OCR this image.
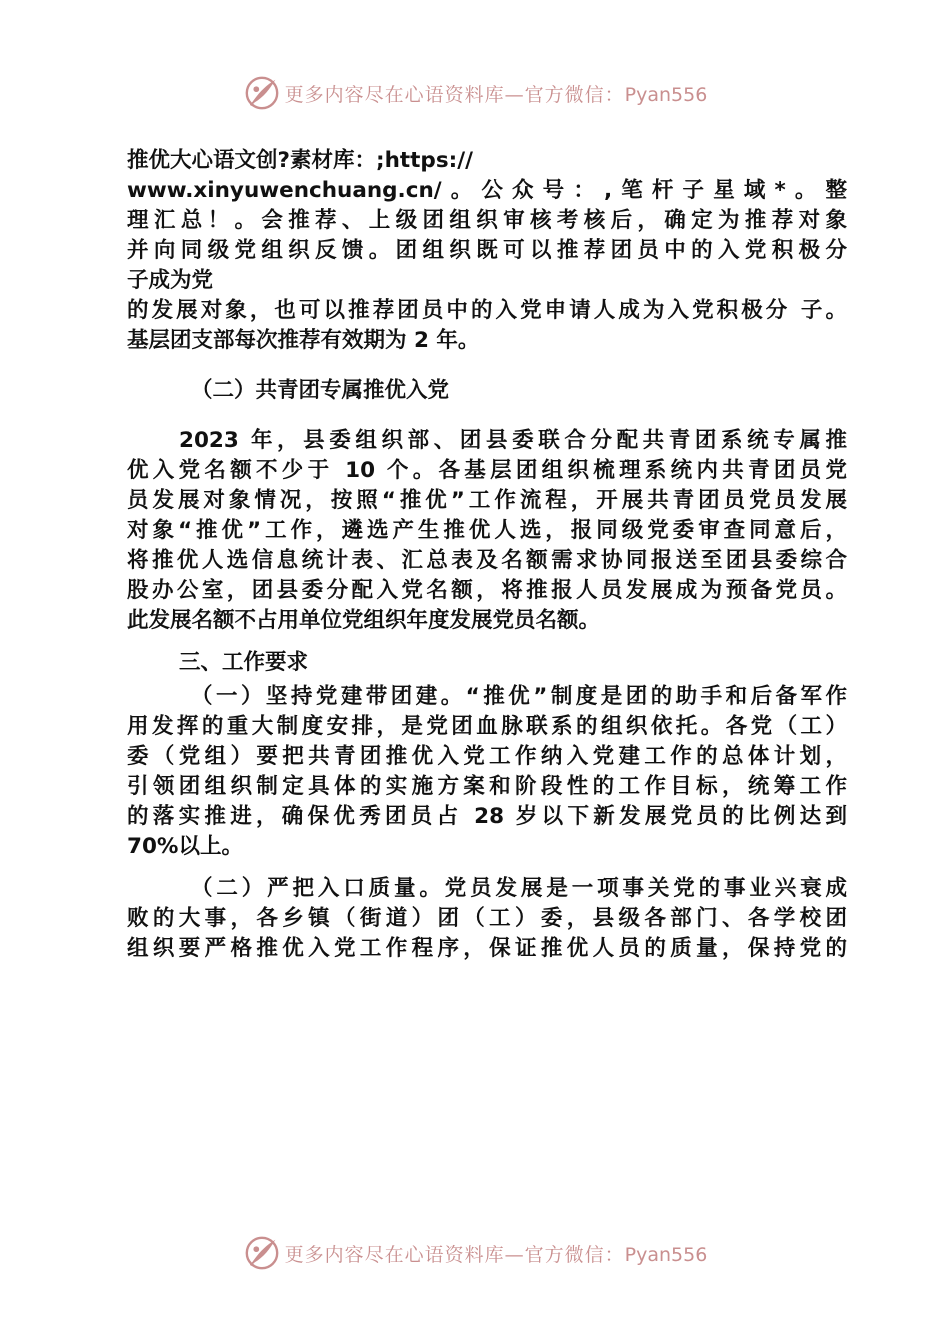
更多内容尽在心语资料库—官方微信：Pyan556

推优大心语文创?素材库：;https://

www.xinyuwenchuang.cn/。公众号：,笔杆子星域*。整

理汇总！。会推荐、上级团组织审核考核后，确定为推荐对象

并向同级党组织反馈。团组织既可以推荐团员中的入党积极分

子成为党

的发展对象，也可以推荐团员中的入党申请人成为入党积极分 子。

基层团支部每次推荐有效期为 2 年。

（二）共青团专属推优入党

2023 年，县委组织部、团县委联合分配共青团系统专属推

优入党名额不少于 10 个。各基层团组织梳理系统内共青团员党

员发展对象情况，按照“推优”工作流程，开展共青团员党员发展

对象“推优”工作，遴选产生推优人选，报同级党委审查同意后，

将推优人选信息统计表、汇总表及名额需求协同报送至团县委综合

股办公室，团县委分配入党名额，将推报人员发展成为预备党员。

此发展名额不占用单位党组织年度发展党员名额。

三、工作要求

（一）坚持党建带团建。“推优”制度是团的助手和后备军作

用发挥的重大制度安排，是党团血脉联系的组织依托。各党（工）

委（党组）要把共青团推优入党工作纳入党建工作的总体计划，

引领团组织制定具体的实施方案和阶段性的工作目标，统筹工作

的落实推进，确保优秀团员占 28 岁以下新发展党员的比例达到

70%以上。

（二）严把入口质量。党员发展是一项事关党的事业兴衰成

败的大事，各乡镇（街道）团（工）委，县级各部门、各学校团

组织要严格推优入党工作程序，保证推优人员的质量，保持党的

更多内容尽在心语资料库—官方微信：Pyan556
